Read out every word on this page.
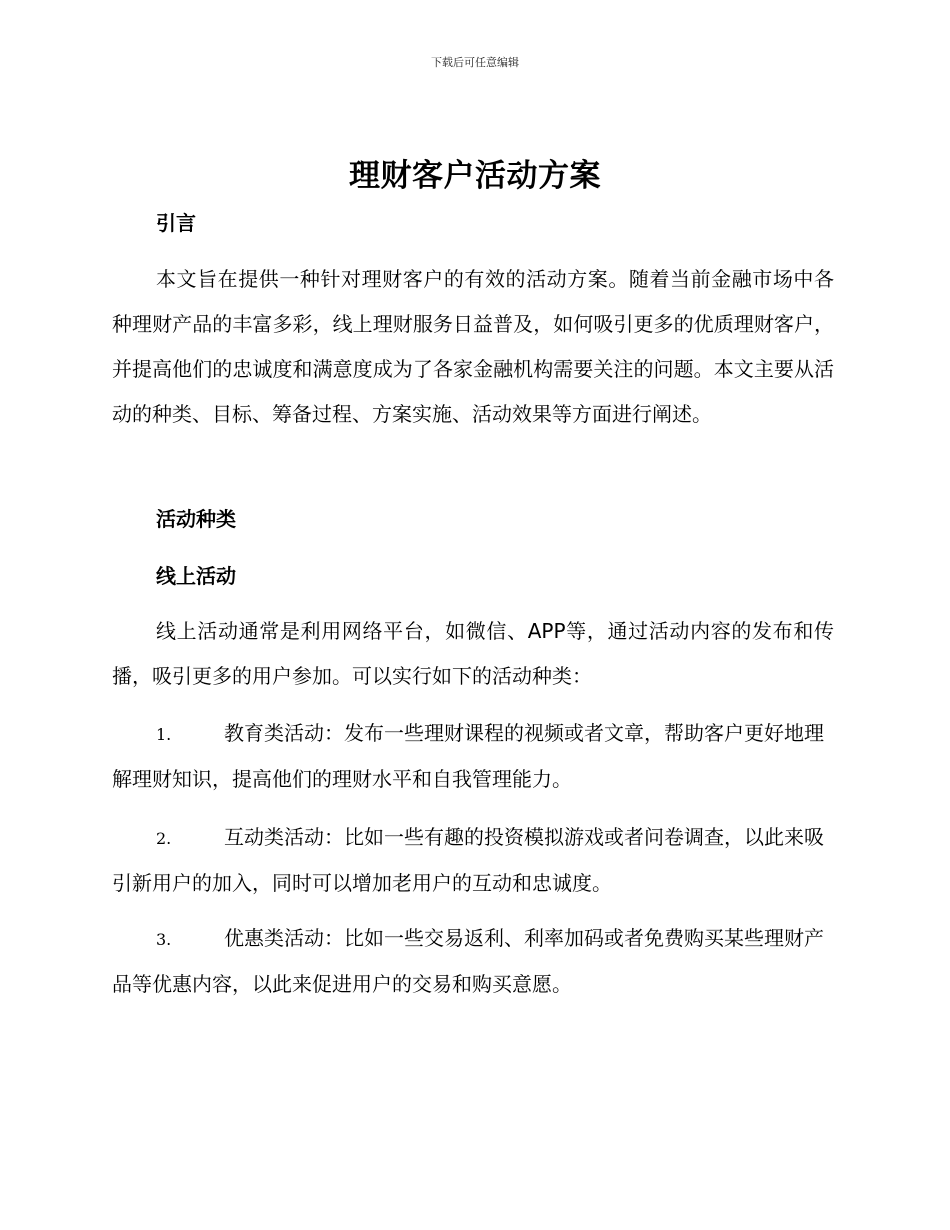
下载后可任意编辑
理财客户活动方案
引言
本文旨在提供一种针对理财客户的有效的活动方案。随着当前金融市场中各种理财产品的丰富多彩，线上理财服务日益普及，如何吸引更多的优质理财客户，并提高他们的忠诚度和满意度成为了各家金融机构需要关注的问题。本文主要从活动的种类、目标、筹备过程、方案实施、活动效果等方面进行阐述。
活动种类
线上活动
线上活动通常是利用网络平台，如微信、APP等，通过活动内容的发布和传播，吸引更多的用户参加。可以实行如下的活动种类：
1.	教育类活动：发布一些理财课程的视频或者文章，帮助客户更好地理解理财知识，提高他们的理财水平和自我管理能力。
2.	互动类活动：比如一些有趣的投资模拟游戏或者问卷调查，以此来吸引新用户的加入，同时可以增加老用户的互动和忠诚度。
3.	优惠类活动：比如一些交易返利、利率加码或者免费购买某些理财产品等优惠内容，以此来促进用户的交易和购买意愿。
